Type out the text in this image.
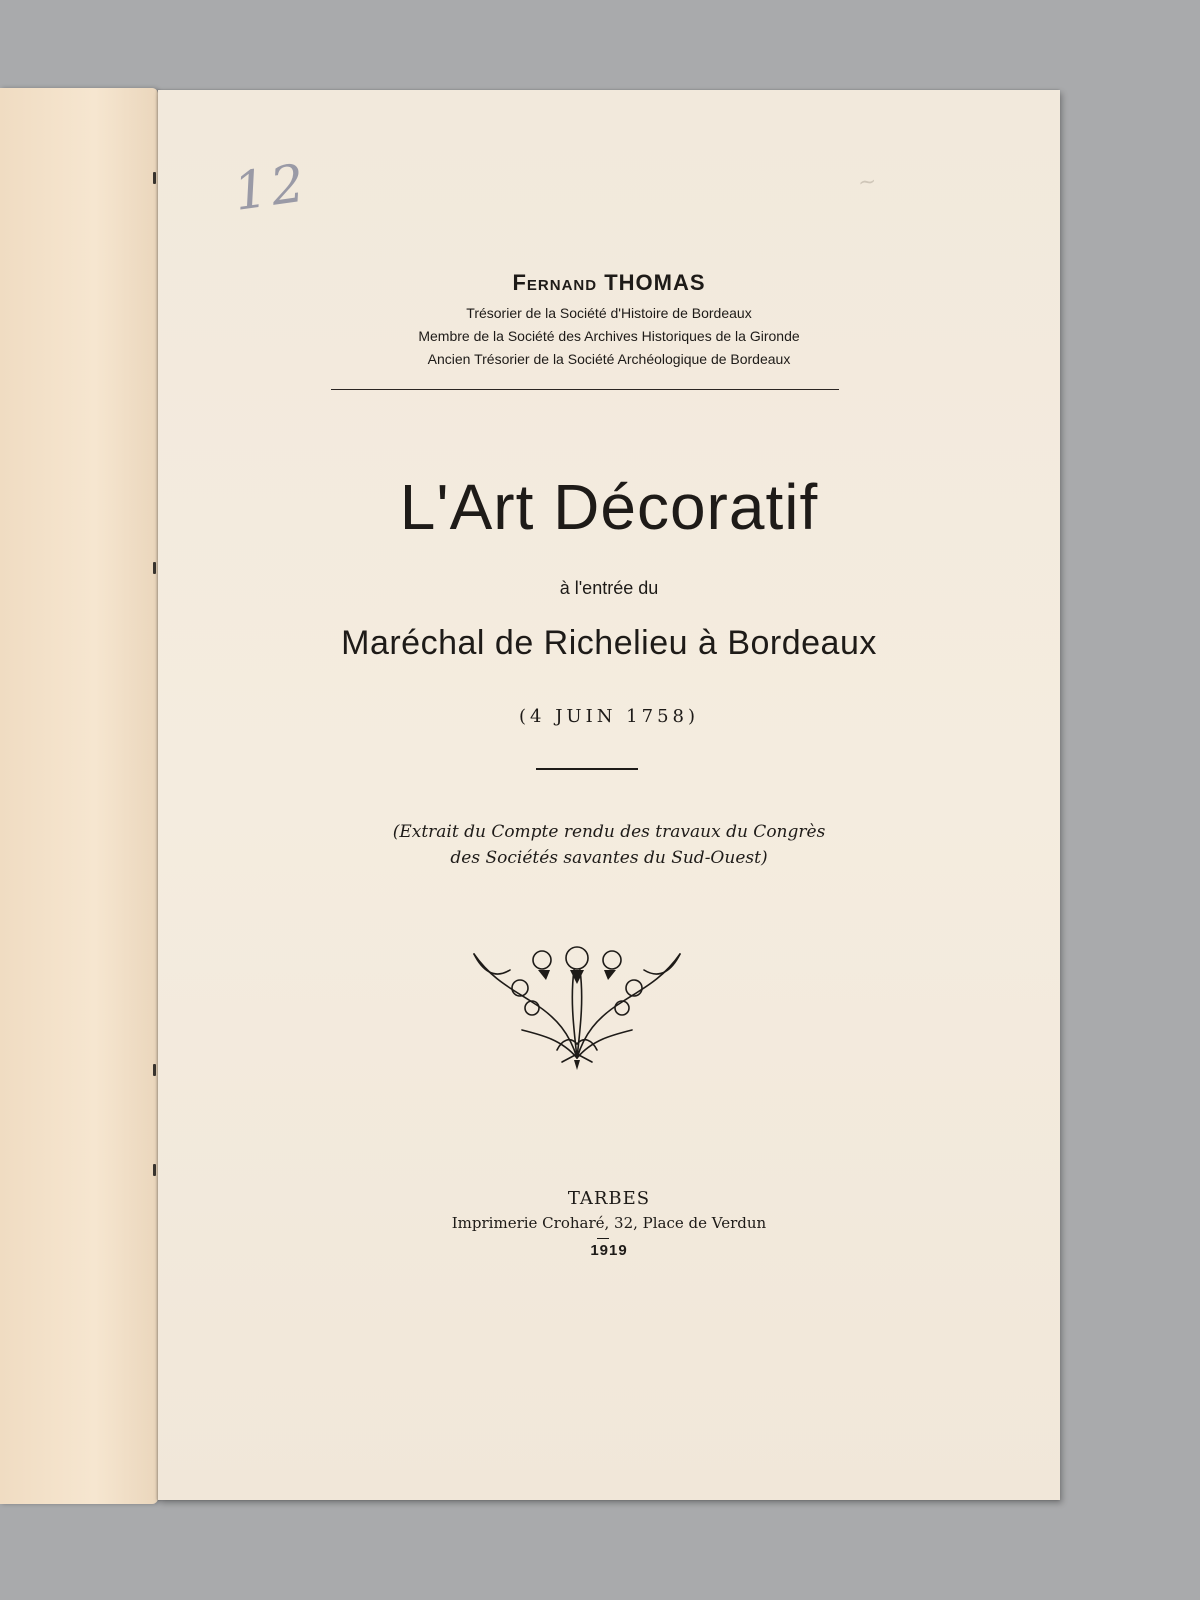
12	~
Fernand THOMAS
Trésorier de la Société d'Histoire de Bordeaux
Membre de la Société des Archives Historiques de la Gironde
Ancien Trésorier de la Société Archéologique de Bordeaux
L'Art Décoratif
à l'entrée du
Maréchal de Richelieu à Bordeaux
(4 JUIN 1758)
(Extrait du Compte rendu des travaux du Congrès
des Sociétés savantes du Sud-Ouest)
TARBES
Imprimerie Croharé, 32, Place de Verdun
1919
